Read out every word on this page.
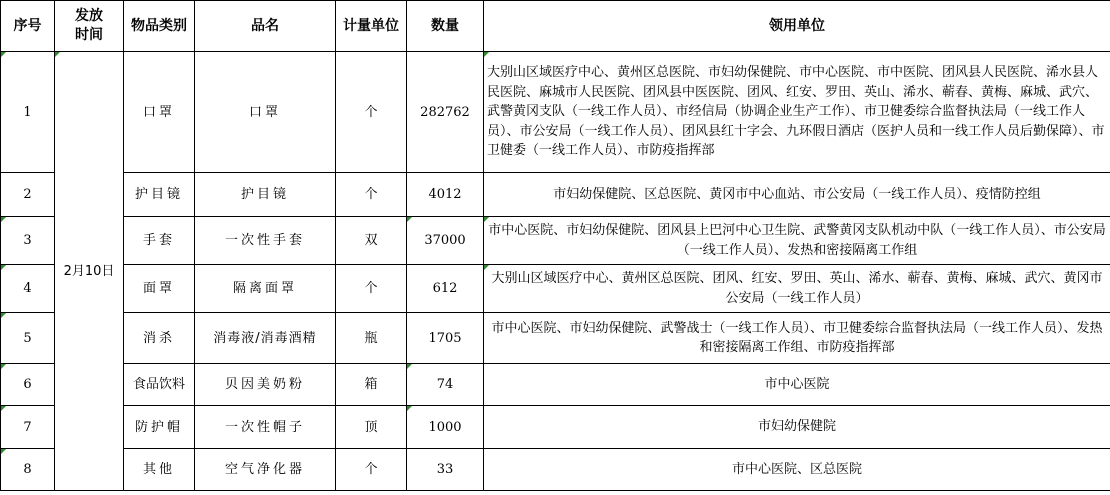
序号	发放时间	物品类别	品名	计量单位	数量	领用单位
1	2月10日	口罩	口罩	个	282762	大别山区域医疗中心、黄州区总医院、市妇幼保健院、市中心医院、市中医院、团风县人民医院、浠水县人民医院、麻城市人民医院、团风县中医医院、团风、红安、罗田、英山、浠水、蕲春、黄梅、麻城、武穴、武警黄冈支队（一线工作人员）、市经信局（协调企业生产工作）、市卫健委综合监督执法局（一线工作人员）、市公安局（一线工作人员）、团风县红十字会、九环假日酒店（医护人员和一线工作人员后勤保障）、市卫健委（一线工作人员）、市防疫指挥部
2		护目镜	护目镜	个	4012	市妇幼保健院、区总医院、黄冈市中心血站、市公安局（一线工作人员）、疫情防控组
3		手套	一次性手套	双	37000	市中心医院、市妇幼保健院、团风县上巴河中心卫生院、武警黄冈支队机动中队（一线工作人员）、市公安局（一线工作人员）、发热和密接隔离工作组
4		面罩	隔离面罩	个	612	大别山区域医疗中心、黄州区总医院、团风、红安、罗田、英山、浠水、蕲春、黄梅、麻城、武穴、黄冈市公安局（一线工作人员）
5		消杀	消毒液/消毒酒精	瓶	1705	市中心医院、市妇幼保健院、武警战士（一线工作人员）、市卫健委综合监督执法局（一线工作人员）、发热和密接隔离工作组、市防疫指挥部
6		食品饮料	贝因美奶粉	箱	74	市中心医院
7		防护帽	一次性帽子	顶	1000	市妇幼保健院
8		其他	空气净化器	个	33	市中心医院、区总医院
